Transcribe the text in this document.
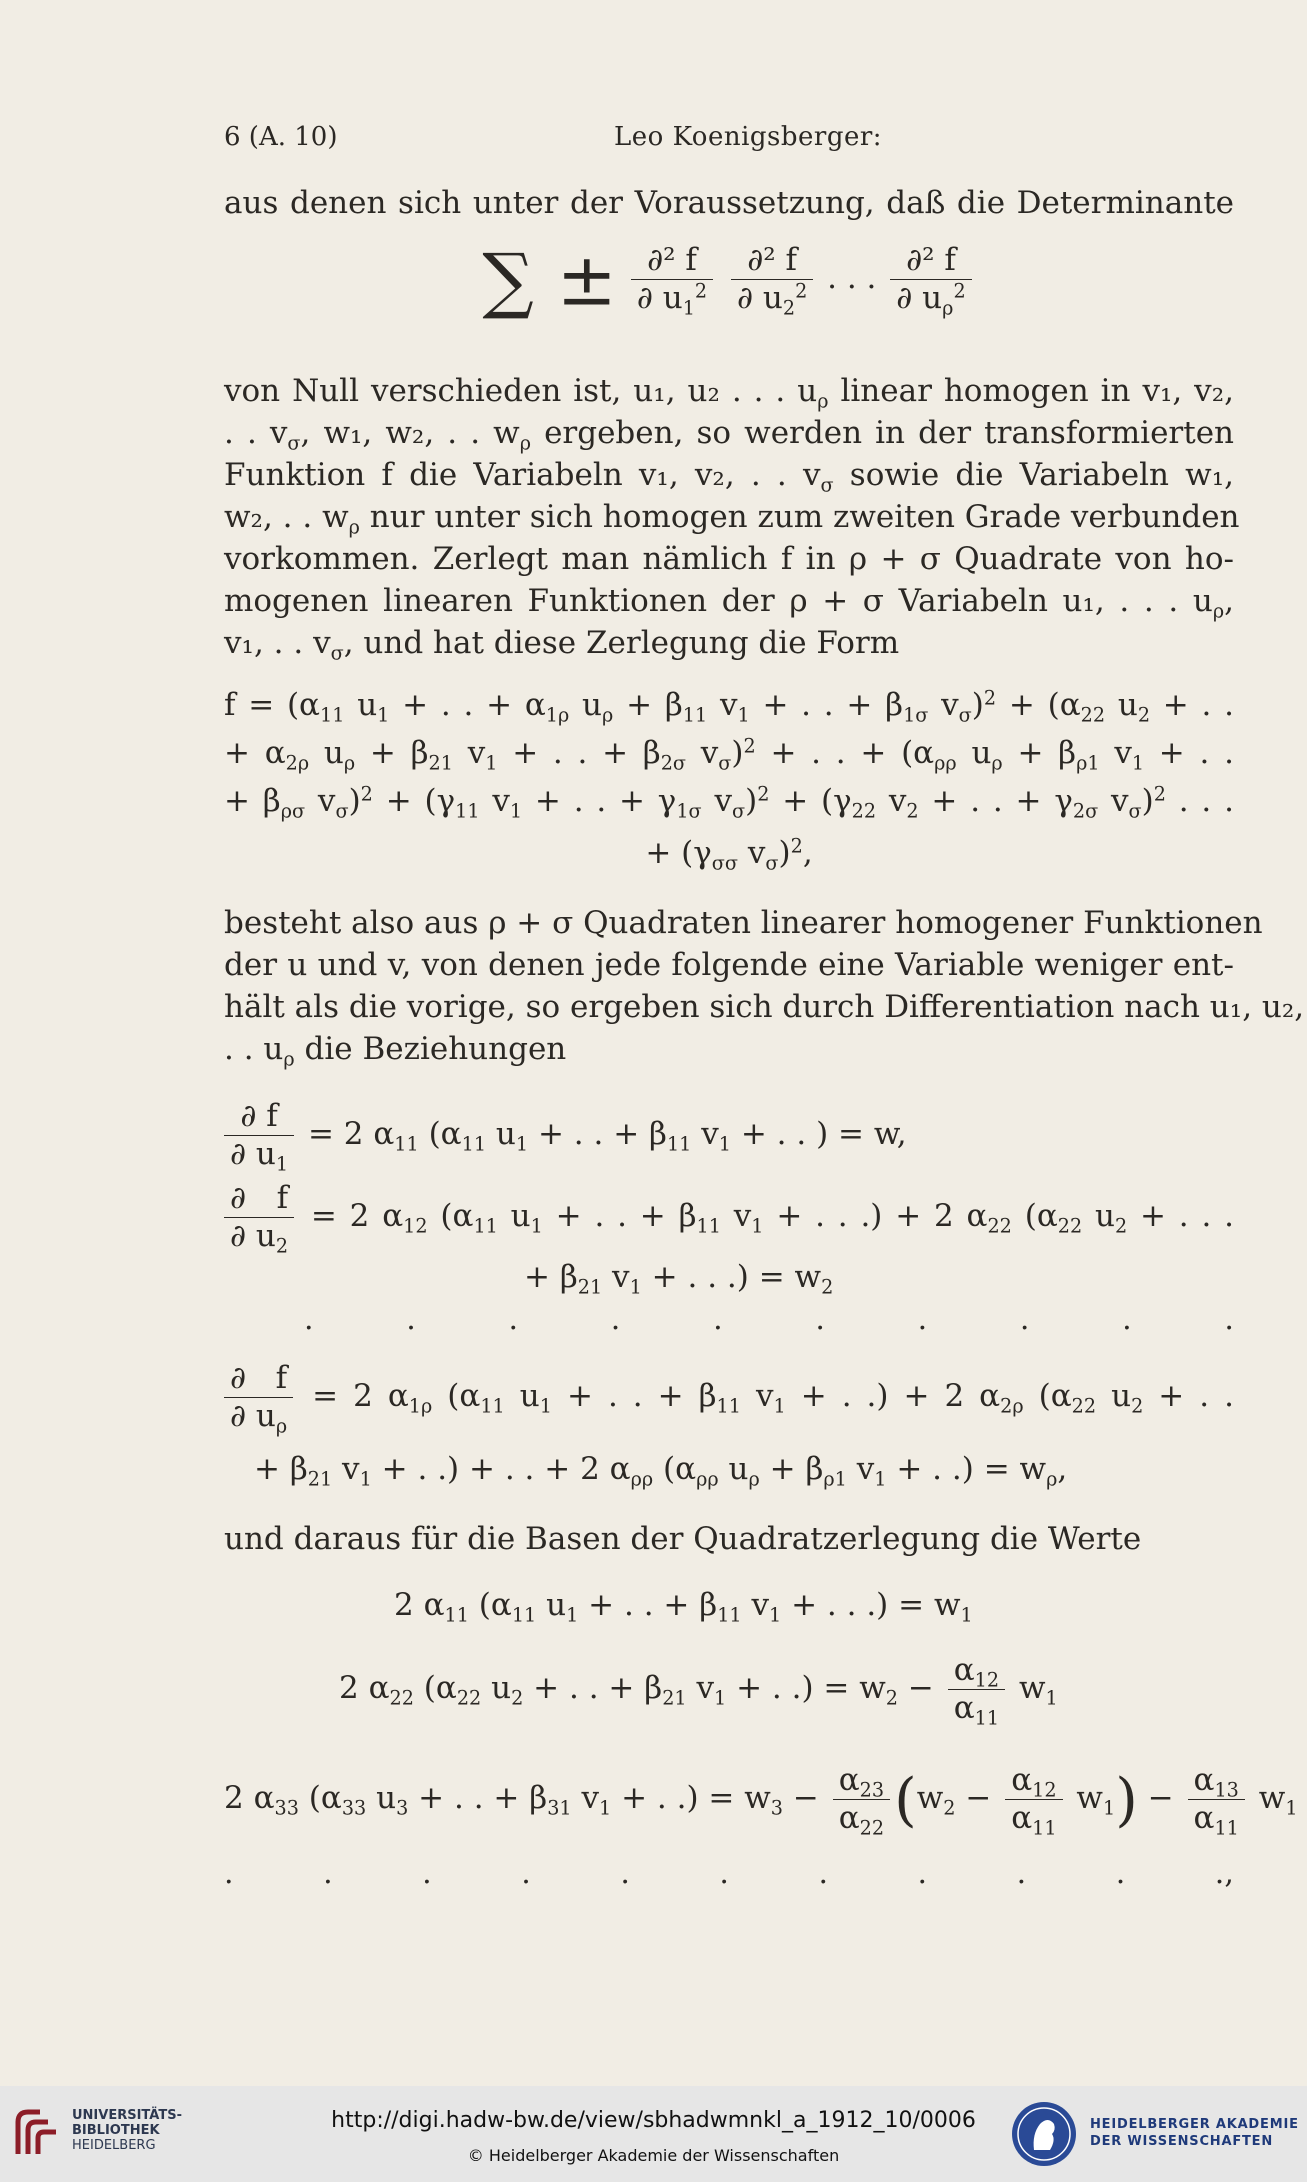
6 (A. 10)	Leo Koenigsberger:
aus denen sich unter der Voraussetzung, daß die Determinante
∑ ± $\frac{\text{∂² f}}{\partial u_1^2}$
$\frac{\text{∂² f}}{\partial u_2^2}$ . . . $\frac{\text{∂² f}}{\partial u_\rho^2}$
von Null verschieden ist, u₁, u₂ . . . $u_\rho$ linear homogen in v₁, v₂,
. . $v_\sigma$, w₁, w₂, . . $w_\rho$ ergeben, so werden in der transformierten
Funktion f die Variabeln v₁, v₂, . . $v_\sigma$ sowie die Variabeln w₁,
w₂, . . $w_\rho$ nur unter sich homogen zum zweiten Grade verbunden
vorkommen. Zerlegt man nämlich f in ρ + σ Quadrate von ho-
mogenen linearen Funktionen der ρ + σ Variabeln u₁, . . . $u_\rho$,
v₁, . . $v_\sigma$, und hat diese Zerlegung die Form
$f = (\alpha_{11}$ $u_1$ + . . + $\alpha_{1\rho}$ $u_\rho + \beta_{11}$ $v_1$ + . . + $\beta_{1\sigma}$ $v_\sigma)^2 + (\alpha_{22}$ $u_2$ + . .
+ $\alpha_{2\rho}$ $u_\rho + \beta_{21}$ $v_1$ + . . + $\beta_{2\sigma}$ $v_\sigma)^2$ + . . + ($\alpha_{\rho\rho}$ $u_\rho + \beta_{\rho 1}$ $v_1$ + . .
+ $\beta_{\rho\sigma}$ $v_\sigma)^2 + (\gamma_{11}$ $v_1$ + . . + $\gamma_{1\sigma}$ $v_\sigma)^2 + (\gamma_{22}$ $v_2$ + . . + $\gamma_{2\sigma}$ $v_\sigma)^2$ . . .
+ ($\gamma_{\sigma\sigma}$ $v_\sigma)^2$,
besteht also aus ρ + σ Quadraten linearer homogener Funktionen
der u und v, von denen jede folgende eine Variable weniger ent-
hält als die vorige, so ergeben sich durch Differentiation nach u₁, u₂,
. . $u_\rho$ die Beziehungen
$\frac{\partial f}{\partial u_1} = 2$ $\alpha_{11}$ ($\alpha_{11}$ $u_1$ + . . + $\beta_{11}$ $v_1$ + . . ) = w,
$\frac{\partial f}{\partial u_2} = 2$ $\alpha_{12}$ ($\alpha_{11}$ $u_1$ + . . + $\beta_{11}$ $v_1$ + . . .) + 2 $\alpha_{22}$ ($\alpha_{22}$ $u_2$ + . . .
+ $\beta_{21}$ $v_1$ + . . .) = $w_2$
.	.	.	.	.	.	.	.	.	.
$\frac{\partial f}{\partial u_\rho} = 2$ $\alpha_{1\rho}$ ($\alpha_{11}$ $u_1$ + . . + $\beta_{11}$ $v_1$ + . .) + 2 $\alpha_{2\rho}$ ($\alpha_{22}$ $u_2$ + . .
+ $\beta_{21}$ $v_1$ + . .) + . . + 2 $\alpha_{\rho\rho}$ ($\alpha_{\rho\rho}$ $u_\rho + \beta_{\rho 1}$ $v_1$ + . .) = $w_\rho$,
und daraus für die Basen der Quadratzerlegung die Werte
2 $\alpha_{11}$ ($\alpha_{11}$ $u_1$ + . . + $\beta_{11}$ $v_1$ + . . .) = $w_1$
2 $\alpha_{22}$ ($\alpha_{22}$ $u_2$ + . . + $\beta_{21}$ $v_1$ + . .) = $w_2 - \frac{\alpha_{12}}{\alpha_{11}} w_1$
2 $\alpha_{33}$ ($\alpha_{33}$ $u_3$ + . . + $\beta_{31}$ $v_1$ + . .) = $w_3 - \frac{\alpha_{23}}{\alpha_{22}} (w_2 - \frac{\alpha_{12}}{\alpha_{11}} w_1) - \frac{\alpha_{13}}{\alpha_{11}} w_1$
.	.	.	.	.	.	.	.	.	.	.,
UNIVERSITÄTS-
BIBLIOTHEK
HEIDELBERG
http://digi.hadw-bw.de/view/sbhadwmnkl_a_1912_10/0006
© Heidelberger Akademie der Wissenschaften
HEIDELBERGER AKADEMIE
DER WISSENSCHAFTEN
